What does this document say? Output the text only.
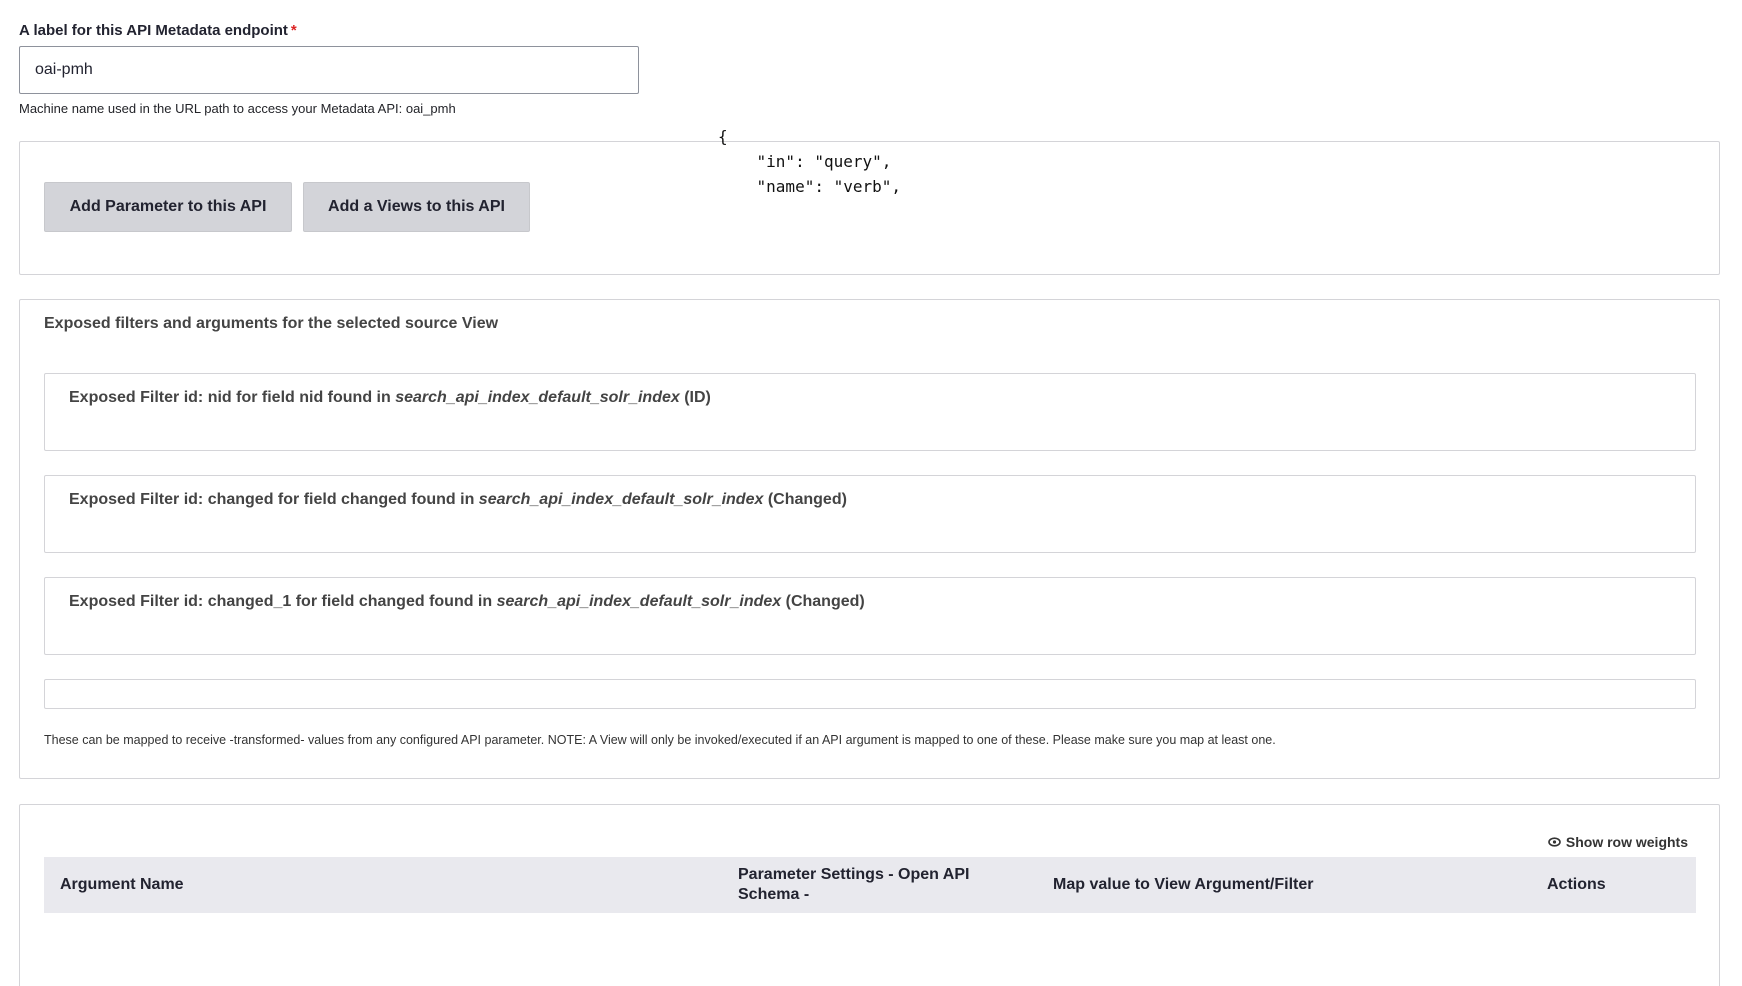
A label for this API Metadata endpoint *
oai-pmh
Machine name used in the URL path to access your Metadata API: oai_pmh
Add Parameter to this API	Add a Views to this API
Exposed filters and arguments for the selected source View
Exposed Filter id: nid for field nid found in search_api_index_default_solr_index (ID)
Exposed Filter id: changed for field changed found in search_api_index_default_solr_index (Changed)
Exposed Filter id: changed_1 for field changed found in search_api_index_default_solr_index (Changed)
These can be mapped to receive -transformed- values from any configured API parameter. NOTE: A View will only be invoked/executed if an API argument is mapped to one of these. Please make sure you map at least one.
Show row weights
Argument Name
Parameter Settings - Open API Schema -
Map value to View Argument/Filter	Actions
{
"in": "query",
"name": "verb",
